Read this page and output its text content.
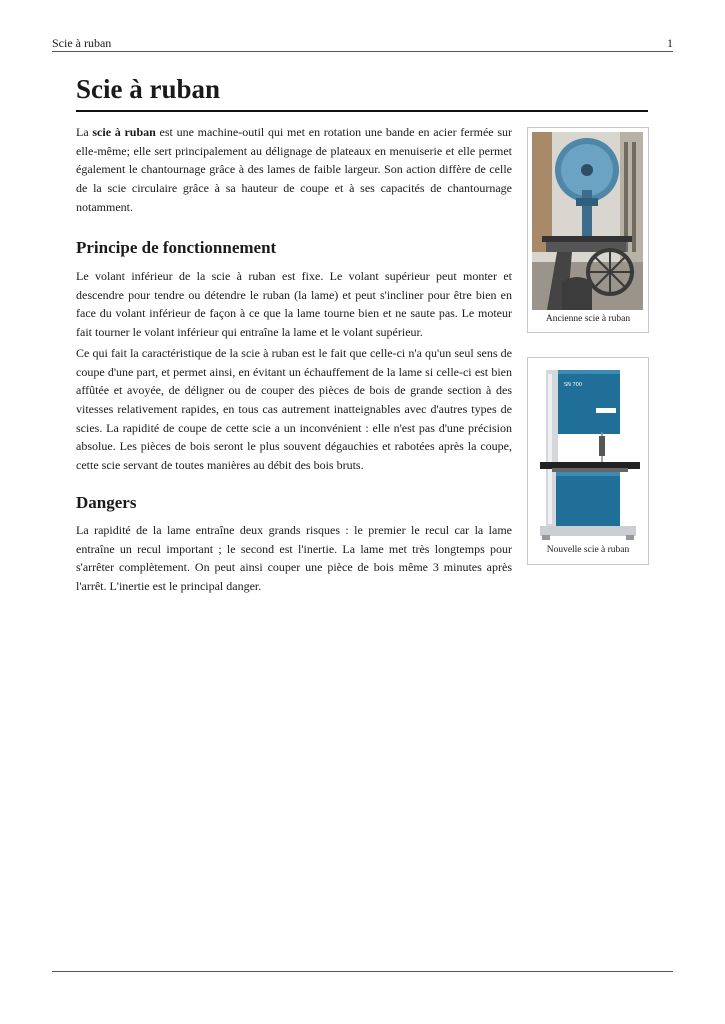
Scie à ruban	1
Scie à ruban

La scie à ruban est une machine-outil qui met en rotation une bande en acier fermée sur elle-même; elle sert principalement au délignage de plateaux en menuiserie et elle permet également le chantournage grâce à des lames de faible largeur. Son action diffère de celle de la scie circulaire grâce à sa hauteur de coupe et à ses capacités de chantournage notamment.

Principe de fonctionnement

Le volant inférieur de la scie à ruban est fixe. Le volant supérieur peut monter et descendre pour tendre ou détendre le ruban (la lame) et peut s'incliner pour être bien en face du volant inférieur de façon à ce que la lame tourne bien et ne saute pas. Le moteur fait tourner le volant inférieur qui entraîne la lame et le volant supérieur.

Ce qui fait la caractéristique de la scie à ruban est le fait que celle-ci n'a qu'un seul sens de coupe d'une part, et permet ainsi, en évitant un échauffement de la lame si celle-ci est bien affûtée et avoyée, de déligner ou de couper des pièces de bois de grande section à des vitesses relativement rapides, en tous cas autrement inatteignables avec d'autres types de scies. La rapidité de coupe de cette scie a un inconvénient : elle n'est pas d'une précision absolue. Les pièces de bois seront le plus souvent dégauchies et rabotées après la coupe, cette scie servant de toutes manières au débit des bois bruts.

Dangers

La rapidité de la lame entraîne deux grands risques : le premier le recul car la lame entraîne un recul important ; le second est l'inertie. La lame met très longtemps pour s'arrêter complètement. On peut ainsi couper une pièce de bois même 3 minutes après l'arrêt. L'inertie est le principal danger.

Ancienne scie à ruban
SN 700
Nouvelle scie à ruban
